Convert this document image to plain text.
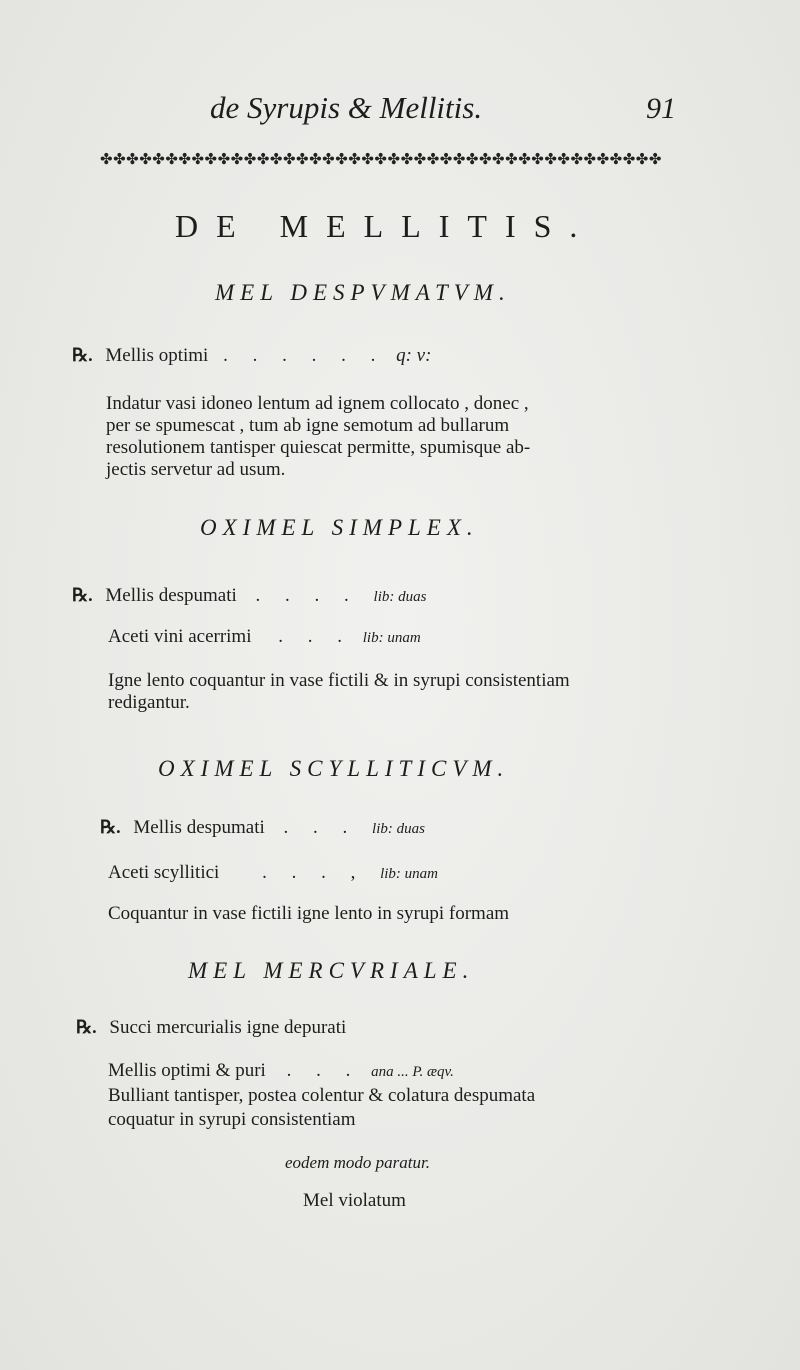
de Syrupis & Mellitis.	91
✤✤✤✤✤✤✤✤✤✤✤✤✤✤✤✤✤✤✤✤✤✤✤✤✤✤✤✤✤✤✤✤✤✤✤✤✤✤✤✤✤✤✤
DE MELLITIS.
MEL DESPVMATVM.
℞. Mellis optimi . . . . . . q: v:
Indatur vasi idoneo lentum ad ignem collocato , donec ,
per se spumescat , tum ab igne semotum ad bullarum
resolutionem tantisper quiescat permitte, spumisque ab-
jectis servetur ad usum.
OXIMEL SIMPLEX.
℞. Mellis despumati . . . . lib: duas
Aceti vini acerrimi . . . lib: unam
Igne lento coquantur in vase fictili & in syrupi consistentiam
redigantur.
OXIMEL SCYLLITICVM.
℞. Mellis despumati . . . lib: duas
Aceti scyllitici . . . , lib: unam
Coquantur in vase fictili igne lento in syrupi formam
MEL MERCVRIALE.
℞. Succi mercurialis igne depurati
Mellis optimi & puri . . . ana ... P. æqv.
Bulliant tantisper, postea colentur & colatura despumata
coquatur in syrupi consistentiam
eodem modo paratur.
Mel violatum
